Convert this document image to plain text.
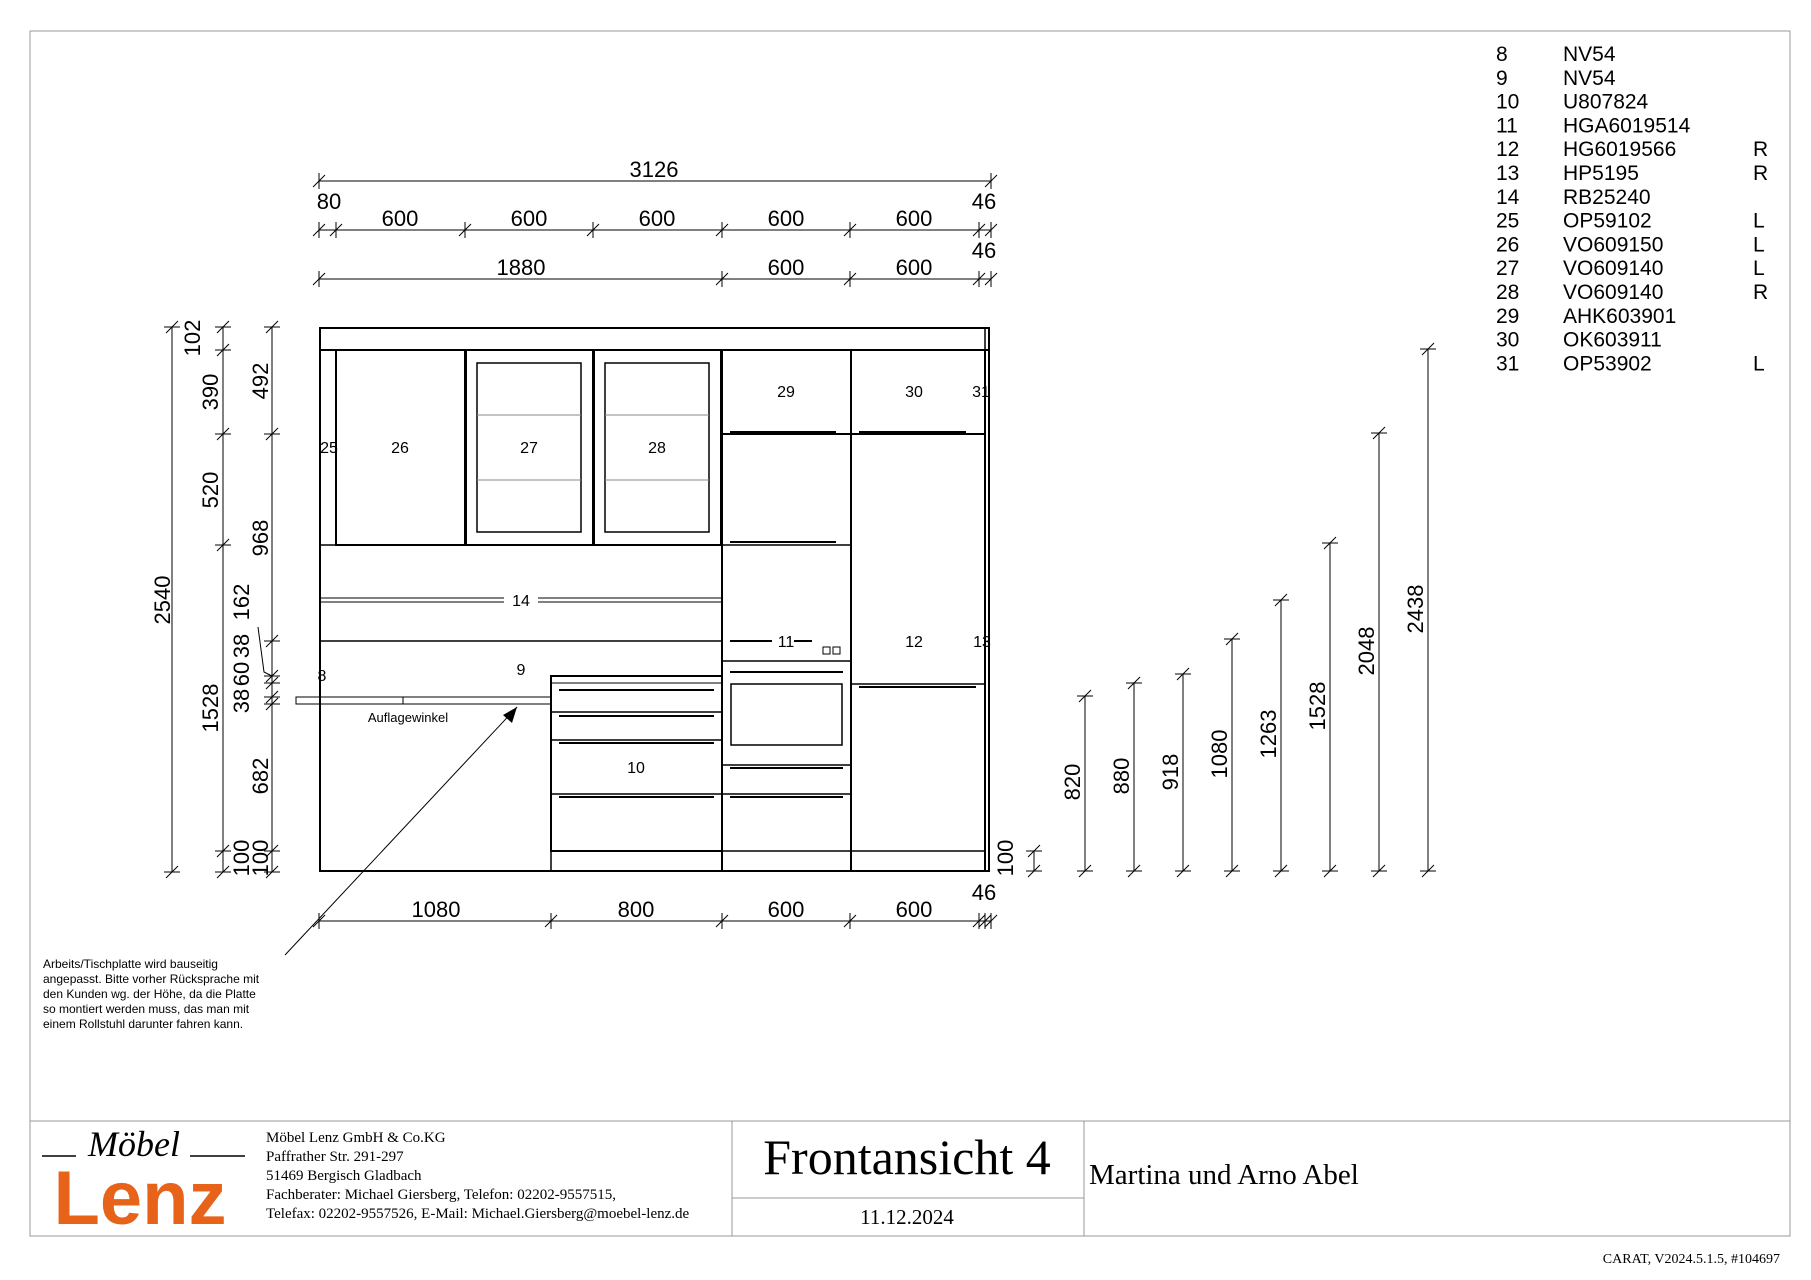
8	NV54
9	NV54
10 U807824
11 HGA6019514
12 HG6019566	R
13 HP5195	R
14 RB25240
25 OP59102	L
26 VO609150	L
27 VO609140	L
28 VO609140	R
29 AHK603901
30 OK603911
31 OP53902	L
3126
80
600	600	600	600	600
46
1880	600	600
46
25	26	27	28
29	30	31
14
11	12	13
8	9
10
Auflagewinkel
1080	800	600	600
46
2540
102
390
520
1528
100
492
968
682
100
162
38
60
38
100
820 880 918 1080 1263
1528
2048
2438
Arbeits/Tischplatte wird bauseitig
angepasst. Bitte vorher Rücksprache mit
den Kunden wg. der Höhe, da die Platte
so montiert werden muss, das man mit
einem Rollstuhl darunter fahren kann.
Möbel
Lenz
Möbel Lenz GmbH & Co.KG
Paffrather Str. 291-297
51469 Bergisch Gladbach
Fachberater: Michael Giersberg, Telefon: 02202-9557515,
Telefax: 02202-9557526, E-Mail: Michael.Giersberg@moebel-lenz.de
Frontansicht 4
11.12.2024
Martina und Arno Abel
CARAT, V2024.5.1.5, #104697
